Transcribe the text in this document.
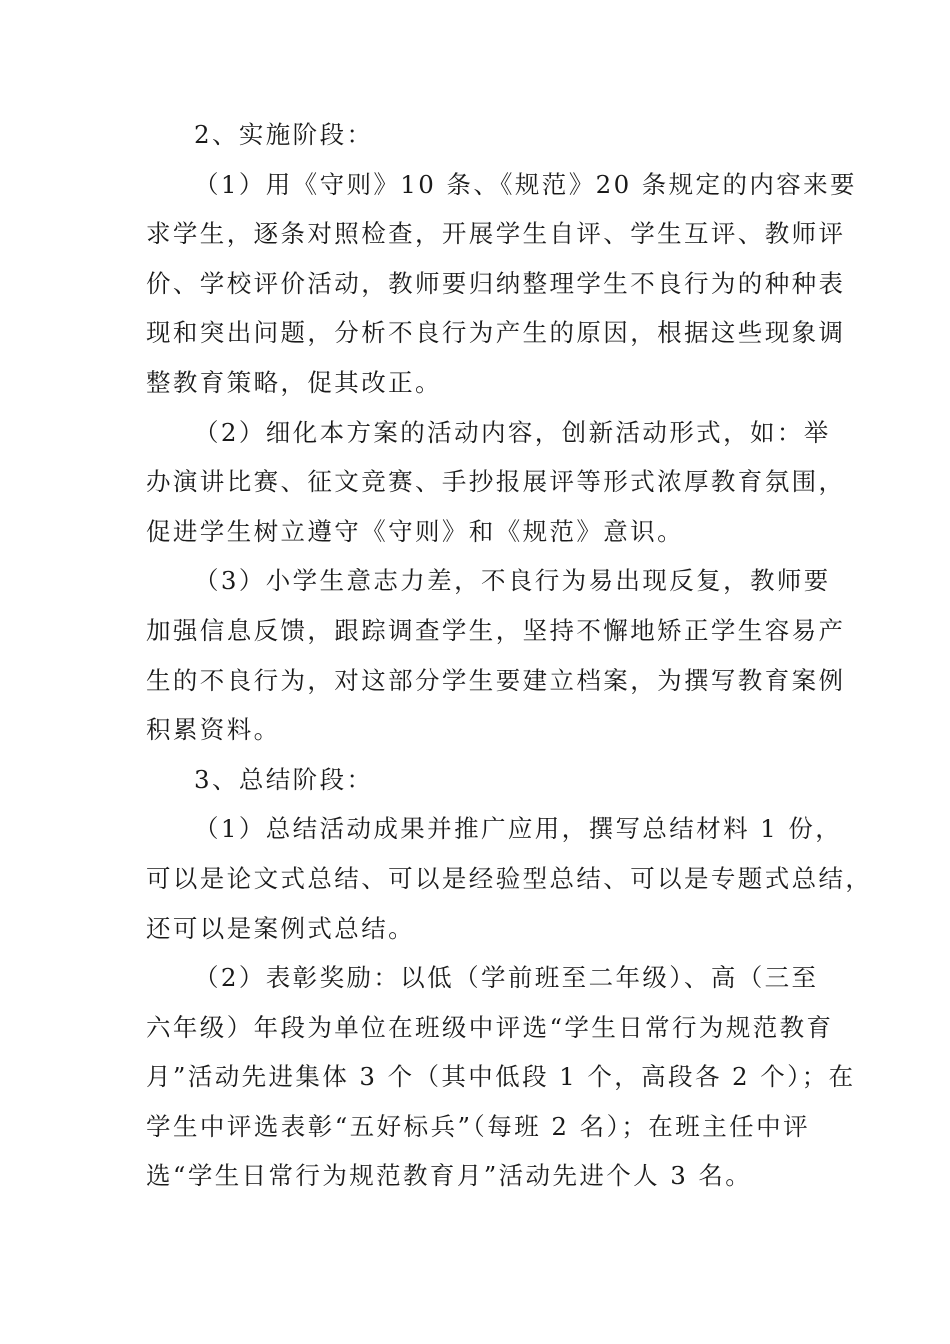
2、实施阶段：
（1）用《守则》10 条、《规范》20 条规定的内容来要
求学生，逐条对照检查，开展学生自评、学生互评、教师评
价、学校评价活动，教师要归纳整理学生不良行为的种种表
现和突出问题，分析不良行为产生的原因，根据这些现象调
整教育策略，促其改正。
（2）细化本方案的活动内容，创新活动形式，如：举
办演讲比赛、征文竞赛、手抄报展评等形式浓厚教育氛围，
促进学生树立遵守《守则》和《规范》意识。
（3）小学生意志力差，不良行为易出现反复，教师要
加强信息反馈，跟踪调查学生，坚持不懈地矫正学生容易产
生的不良行为，对这部分学生要建立档案，为撰写教育案例
积累资料。
3、总结阶段：
（1）总结活动成果并推广应用，撰写总结材料 1 份，
可以是论文式总结、可以是经验型总结、可以是专题式总结，
还可以是案例式总结。
（2）表彰奖励：以低（学前班至二年级）、高（三至
六年级）年段为单位在班级中评选“学生日常行为规范教育
月”活动先进集体 3 个（其中低段 1 个，高段各 2 个）；在
学生中评选表彰“五好标兵”（每班 2 名）；在班主任中评
选“学生日常行为规范教育月”活动先进个人 3 名。
